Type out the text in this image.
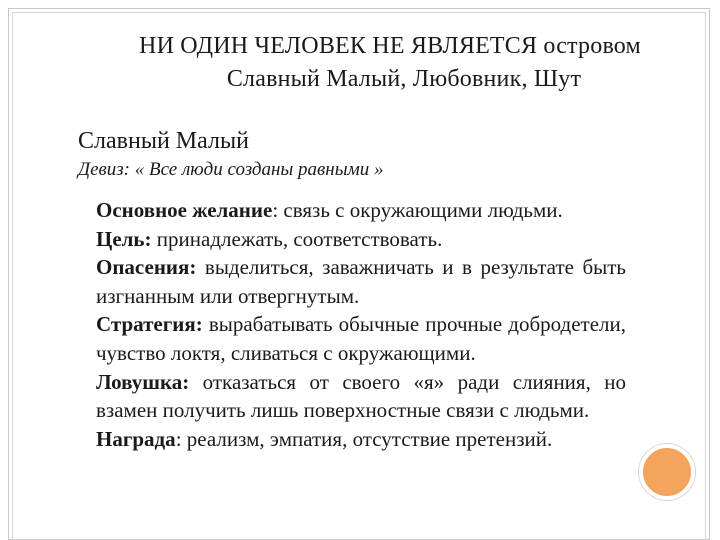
НИ ОДИН ЧЕЛОВЕК НЕ ЯВЛЯЕТСЯ островом
Славный Малый, Любовник, Шут
Славный Малый
Девиз: « Все люди созданы равными »

Основное желание: связь с окружающими людьми.

Цель: принадлежать, соответствовать.

Опасения: выделиться, заважничать и в результате быть изгнанным или отвергнутым.

Стратегия: вырабатывать обычные прочные добродетели, чувство локтя, сливаться с окружающими.

Ловушка: отказаться от своего «я» ради слияния, но взамен получить лишь поверхностные связи с людьми.

Награда: реализм, эмпатия, отсутствие претензий.
